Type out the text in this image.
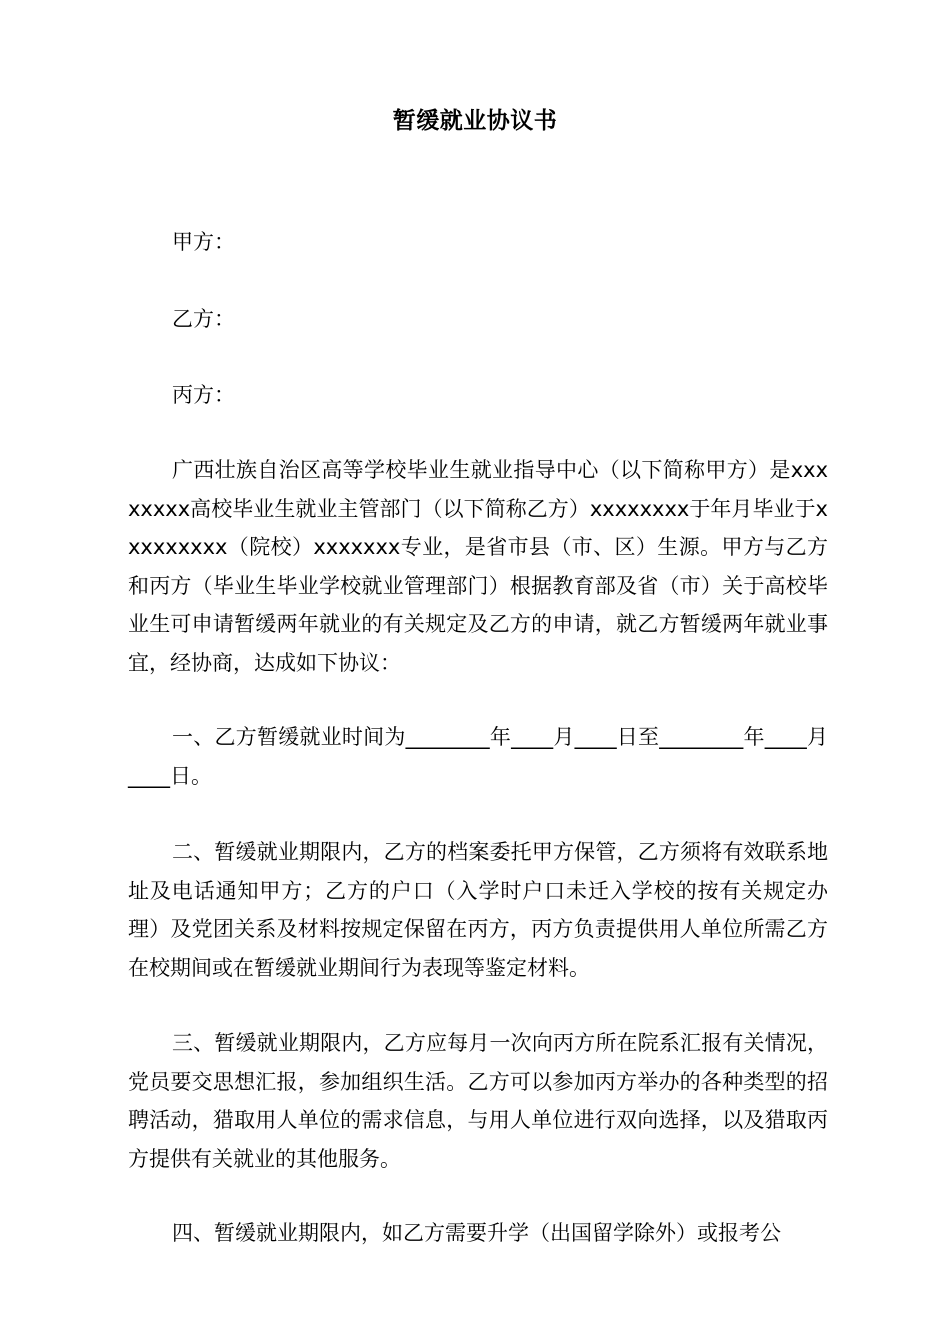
暂缓就业协议书
甲方：
乙方：
丙方：

广西壮族自治区高等学校毕业生就业指导中心（以下简称甲方）是xxxxxxxx高校毕业生就业主管部门（以下简称乙方）xxxxxxxx于年月毕业于xxxxxxxxx（院校）xxxxxxx专业，是省市县（市、区）生源。甲方与乙方和丙方（毕业生毕业学校就业管理部门）根据教育部及省（市）关于高校毕业生可申请暂缓两年就业的有关规定及乙方的申请，就乙方暂缓两年就业事宜，经协商，达成如下协议：

一、乙方暂缓就业时间为________年____月____日至________年____月____日。

二、暂缓就业期限内，乙方的档案委托甲方保管，乙方须将有效联系地址及电话通知甲方；乙方的户口（入学时户口未迁入学校的按有关规定办理）及党团关系及材料按规定保留在丙方，丙方负责提供用人单位所需乙方在校期间或在暂缓就业期间行为表现等鉴定材料。

三、暂缓就业期限内，乙方应每月一次向丙方所在院系汇报有关情况，党员要交思想汇报，参加组织生活。乙方可以参加丙方举办的各种类型的招聘活动，猎取用人单位的需求信息，与用人单位进行双向选择，以及猎取丙方提供有关就业的其他服务。

四、暂缓就业期限内，如乙方需要升学（出国留学除外）或报考公
